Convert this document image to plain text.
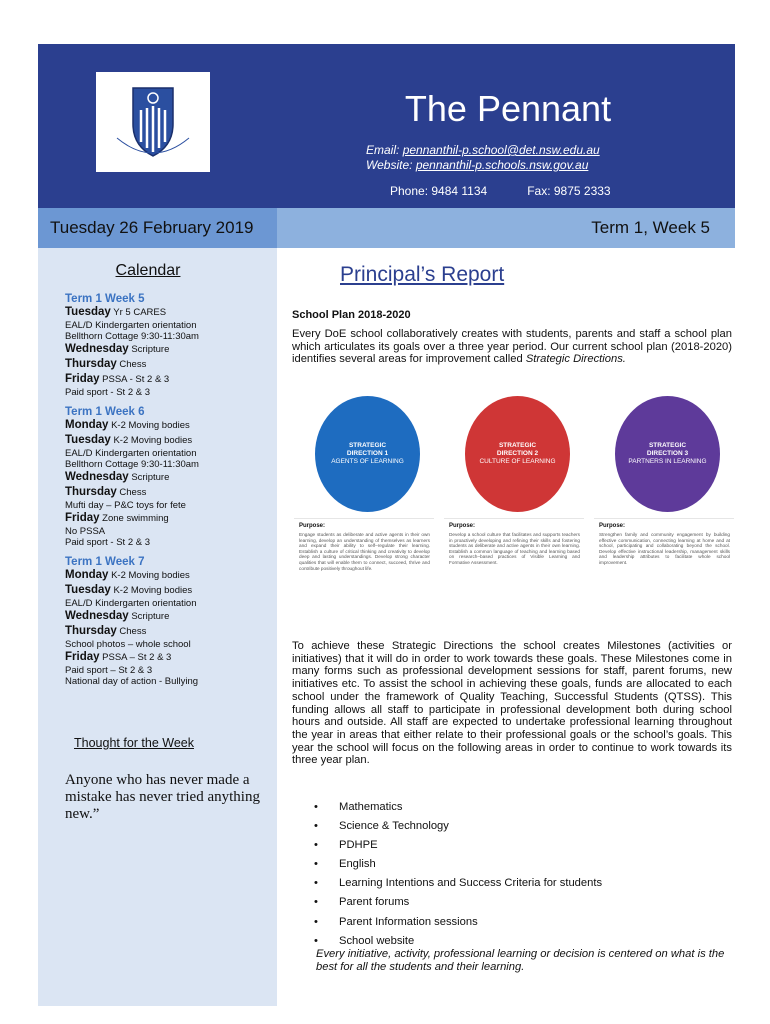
The Pennant
Email: pennanthil-p.school@det.nsw.edu.au
Website: pennanthil-p.schools.nsw.gov.au
Phone: 9484 1134	Fax: 9875 2333
Tuesday 26 February 2019	Term 1, Week 5
Calendar
Term 1 Week 5
Tuesday Yr 5 CARES
EAL/D Kindergarten orientation
Bellthorn Cottage 9:30-11:30am
Wednesday Scripture
Thursday Chess
Friday PSSA - St 2 & 3
Paid sport - St 2 & 3
Term 1 Week 6
Monday K-2 Moving bodies
Tuesday K-2 Moving bodies
EAL/D Kindergarten orientation
Bellthorn Cottage 9:30-11:30am
Wednesday Scripture
Thursday Chess
Mufti day – P&C toys for fete
Friday Zone swimming
No PSSA
Paid sport - St 2 & 3
Term 1 Week 7
Monday K-2 Moving bodies
Tuesday K-2 Moving bodies
EAL/D Kindergarten orientation
Wednesday Scripture
Thursday Chess
School photos – whole school
Friday PSSA – St 2 & 3
Paid sport – St 2 & 3
National day of action - Bullying
Thought for the Week
Anyone who has never made a mistake has never tried anything new.”
Principal’s Report
School Plan 2018-2020
Every DoE school collaboratively creates with students, parents and staff a school plan which articulates its goals over a three year period. Our current school plan (2018-2020) identifies several areas for improvement called Strategic Directions.
STRATEGIC
DIRECTION 1
AGENTS OF LEARNING
Purpose:
Engage students as deliberate and active agents in their own learning, develop an understanding of themselves as learners and expand their ability to self–regulate their learning. Establish a culture of critical thinking and creativity to develop deep and lasting understandings. Develop strong character qualities that will enable them to connect, succeed, thrive and contribute positively throughout life.
STRATEGIC
DIRECTION 2
CULTURE OF LEARNING
Purpose:
Develop a school culture that facilitates and supports teachers in proactively developing and refining their skills and fostering students as deliberate and active agents in their own learning. Establish a common language of teaching and learning based on research–based practices of Visible Learning and Formative Assessment.
STRATEGIC
DIRECTION 3
PARTNERS IN LEARNING
Purpose:
Strengthen family and community engagement by building effective communication, connecting learning at home and at school, participating and collaborating beyond the school. Develop effective instructional leadership, management skills and leadership attributes to facilitate whole school improvement.
To achieve these Strategic Directions the school creates Milestones (activities or initiatives) that it will do in order to work towards these goals. These Milestones come in many forms such as professional development sessions for staff, parent forums, new initiatives etc. To assist the school in achieving these goals, funds are allocated to each school under the framework of Quality Teaching, Successful Students (QTSS). This funding allows all staff to participate in professional development both during school hours and outside. All staff are expected to undertake professional learning throughout the year in areas that either relate to their professional goals or the school’s goals. This year the school will focus on the following areas in order to continue to work towards its three year plan.
• Mathematics
• Science & Technology
• PDHPE
• English
• Learning Intentions and Success Criteria for students
• Parent forums
• Parent Information sessions
• School website
Every initiative, activity, professional learning or decision is centered on what is the best for all the students and their learning.
